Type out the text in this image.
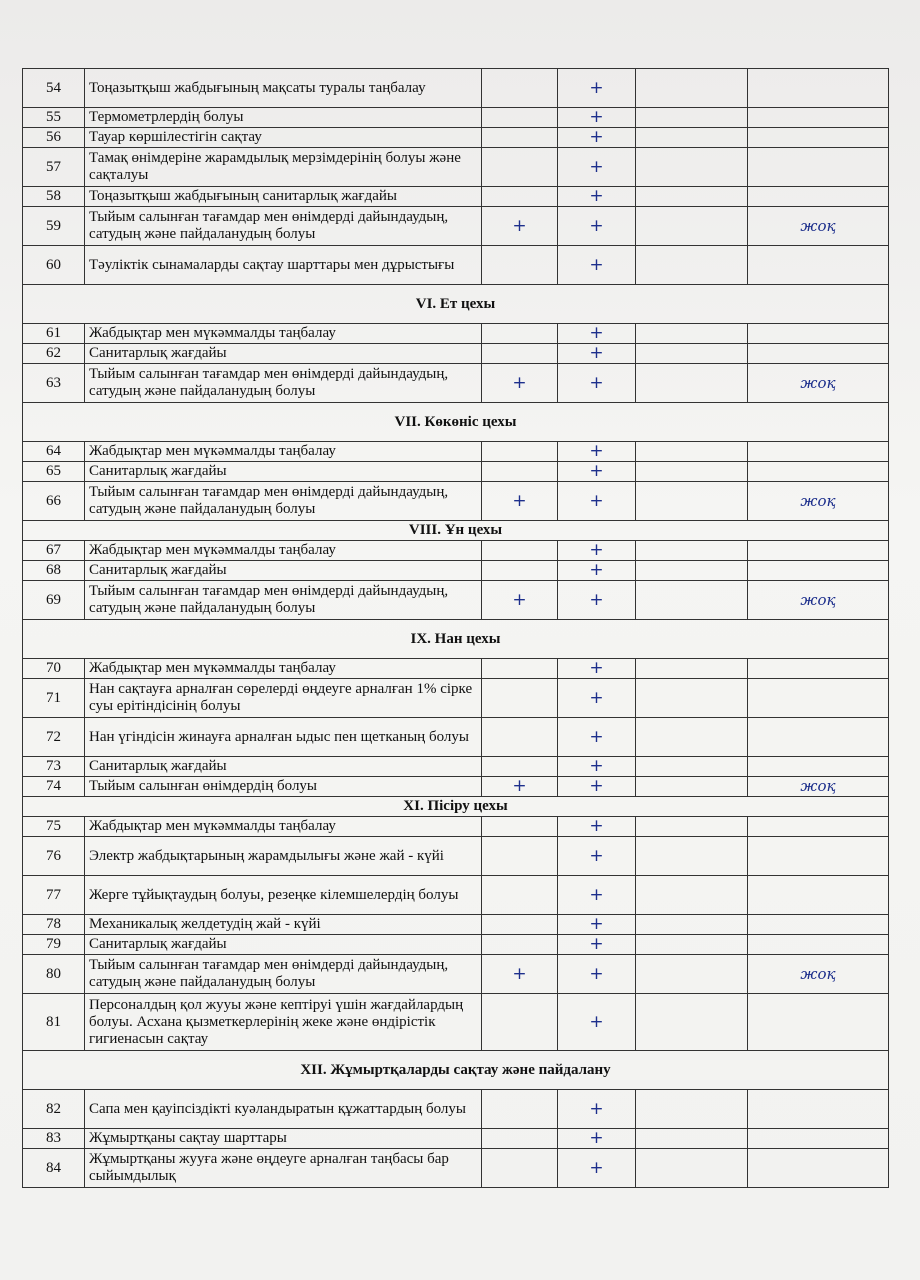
54	Тоңазытқыш жабдығының мақсаты туралы таңбалау		+		
55	Термометрлердің болуы		+		
56	Тауар көршілестігін сақтау		+		
57	Тамақ өнімдеріне жарамдылық мерзімдерінің болуы және сақталуы		+		
58	Тоңазытқыш жабдығының санитарлық жағдайы		+		
59	Тыйым салынған тағамдар мен өнімдерді дайындаудың, сатудың және пайдаланудың болуы	+	+		жоқ
60	Тәуліктік сынамаларды сақтау шарттары мен дұрыстығы		+		
VI. Ет цехы					
61	Жабдықтар мен мүкәммалды таңбалау		+		
62	Санитарлық жағдайы		+		
63	Тыйым салынған тағамдар мен өнімдерді дайындаудың, сатудың және пайдаланудың болуы	+	+		жоқ
VII. Көкөніс цехы					
64	Жабдықтар мен мүкәммалды таңбалау		+		
65	Санитарлық жағдайы		+		
66	Тыйым салынған тағамдар мен өнімдерді дайындаудың, сатудың және пайдаланудың болуы	+	+		жоқ
VIII. Ұн цехы					
67	Жабдықтар мен мүкәммалды таңбалау		+		
68	Санитарлық жағдайы		+		
69	Тыйым салынған тағамдар мен өнімдерді дайындаудың, сатудың және пайдаланудың болуы	+	+		жоқ
IX. Нан цехы					
70	Жабдықтар мен мүкәммалды таңбалау		+		
71	Нан сақтауға арналған сөрелерді өңдеуге арналған 1% сірке суы ерітіндісінің болуы		+		
72	Нан үгіндісін жинауға арналған ыдыс пен щетканың болуы		+		
73	Санитарлық жағдайы		+		
74	Тыйым салынған өнімдердің болуы	+	+		жоқ
XI. Пісіру цехы					
75	Жабдықтар мен мүкәммалды таңбалау		+		
76	Электр жабдықтарының жарамдылығы және жай - күйі		+		
77	Жерге тұйықтаудың болуы, резеңке кілемшелердің болуы		+		
78	Механикалық желдетудің жай - күйі		+		
79	Санитарлық жағдайы		+		
80	Тыйым салынған тағамдар мен өнімдерді дайындаудың, сатудың және пайдаланудың болуы	+	+		жоқ
81	Персоналдың қол жууы және кептіруі үшін жағдайлардың болуы. Асхана қызметкерлерінің жеке және өндірістік гигиенасын сақтау		+		
XII. Жұмыртқаларды сақтау және пайдалану					
82	Сапа мен қауіпсіздікті куәландыратын құжаттардың болуы		+		
83	Жұмыртқаны сақтау шарттары		+		
84	Жұмыртқаны жууға және өңдеуге арналған таңбасы бар сыйымдылық		+		
